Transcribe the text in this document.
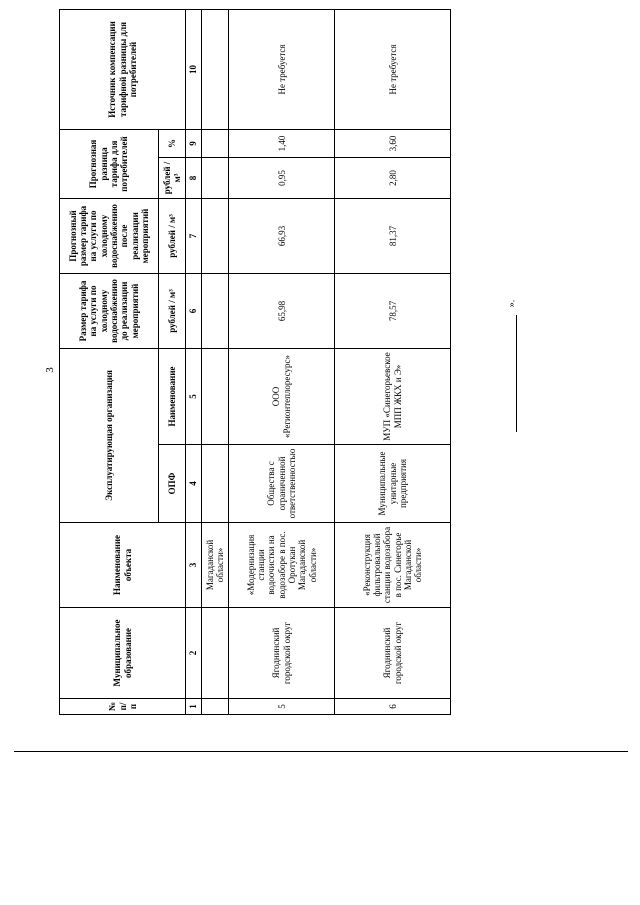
3
№ п/ п	Муниципальное образование	Наименование объекта	Эксплуатирующая организация		Размер тарифа на услуги по холодному водоснабжению до реализации мероприятий	Прогнозный размер тарифа на услуги по холодному водоснабжению после реализации мероприятий	Прогнозная разница тарифа для потребителей		Источник компенсации тарифной разницы для потребителей
			ОПФ	Наименование	рублей / м³	рублей / м³	рублей / м³	%	
1	2	3	4	5	6	7	8	9	10
		Магаданской области»							
5	Ягоднинский городской округ	«Модернизация станции водоочистки на водозаборе в пос. Оротукан Магаданской области»	Общества с ограниченной ответственностью	ООО «Регионтеплоресурс»	65,98	66,93	0,95	1,40	Не требуется
6	Ягоднинский городской округ	«Реконструкция фильтровальной станции водозабора в пос. Синегорье Магаданской области»	Муниципальные унитарные предприятия	МУП «Синегорьевское МПП ЖКХ и Э»	78,57	81,37	2,80	3,60	Не требуется
».
